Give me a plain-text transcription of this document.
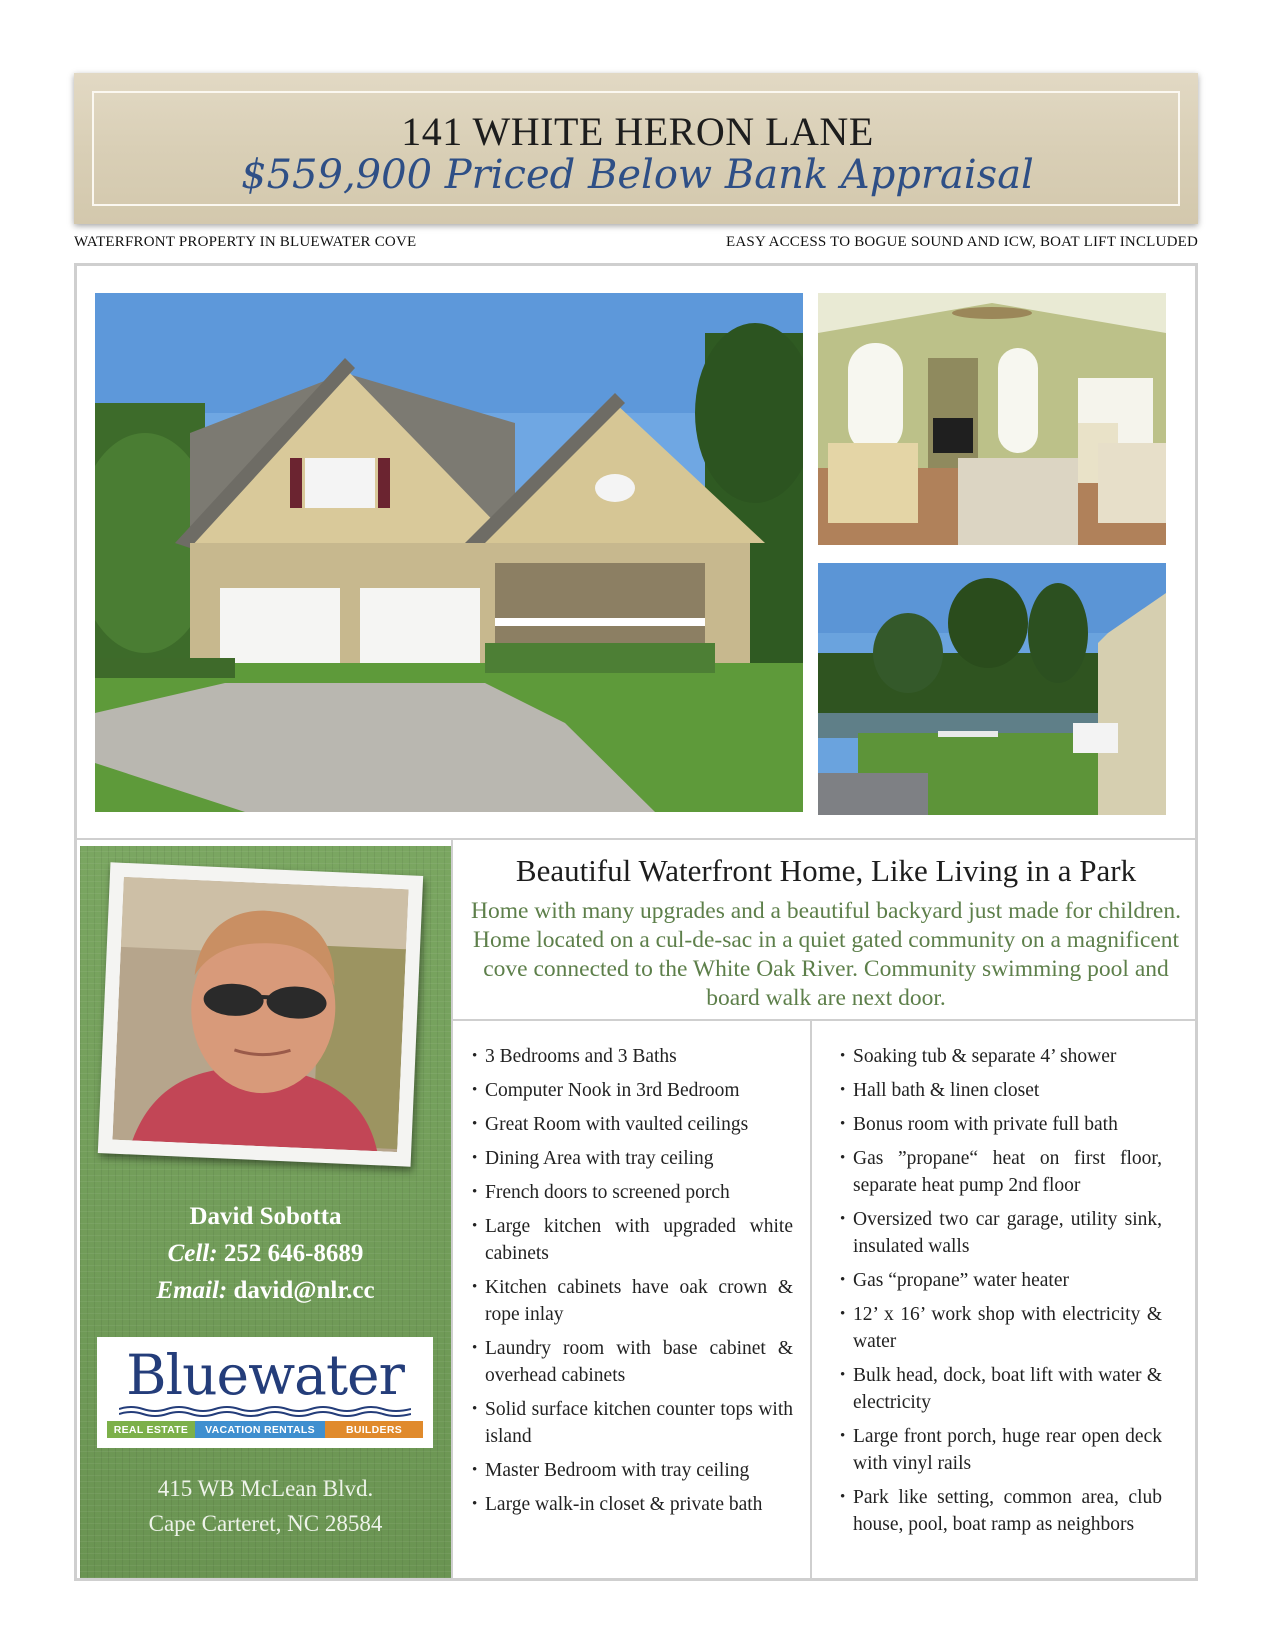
141 WHITE HERON LANE
$559,900 Priced Below Bank Appraisal
WATERFRONT PROPERTY IN BLUEWATER COVE	EASY ACCESS TO BOGUE SOUND AND ICW, BOAT LIFT INCLUDED
David Sobotta
Cell: 252 646-8689
Email: david@nlr.cc
Bluewater
REAL ESTATE	VACATION RENTALS	BUILDERS
415 WB McLean Blvd.
Cape Carteret, NC 28584
Beautiful Waterfront Home, Like Living in a Park
Home with many upgrades and a beautiful backyard just made for children. Home located on a cul-de-sac in a quiet gated community on a magnificent cove connected to the White Oak River. Community swimming pool and board walk are next door.
• 3 Bedrooms and 3 Baths
• Computer Nook in 3rd Bedroom
• Great Room with vaulted ceilings
• Dining Area with tray ceiling
• French doors to screened porch
• Large kitchen with upgraded white cabinets
• Kitchen cabinets have oak crown & rope inlay
• Laundry room with base cabinet & overhead cabinets
• Solid surface kitchen counter tops with island
• Master Bedroom with tray ceiling
• Large walk-in closet & private bath
• Soaking tub & separate 4’ shower
• Hall bath & linen closet
• Bonus room with private full bath
• Gas ”propane“ heat on first floor, separate heat pump 2nd floor
• Oversized two car garage, utility sink, insulated walls
• Gas “propane” water heater
• 12’ x 16’ work shop with electricity & water
• Bulk head, dock, boat lift with water & electricity
• Large front porch, huge rear open deck with vinyl rails
• Park like setting, common area, club house, pool, boat ramp as neighbors
